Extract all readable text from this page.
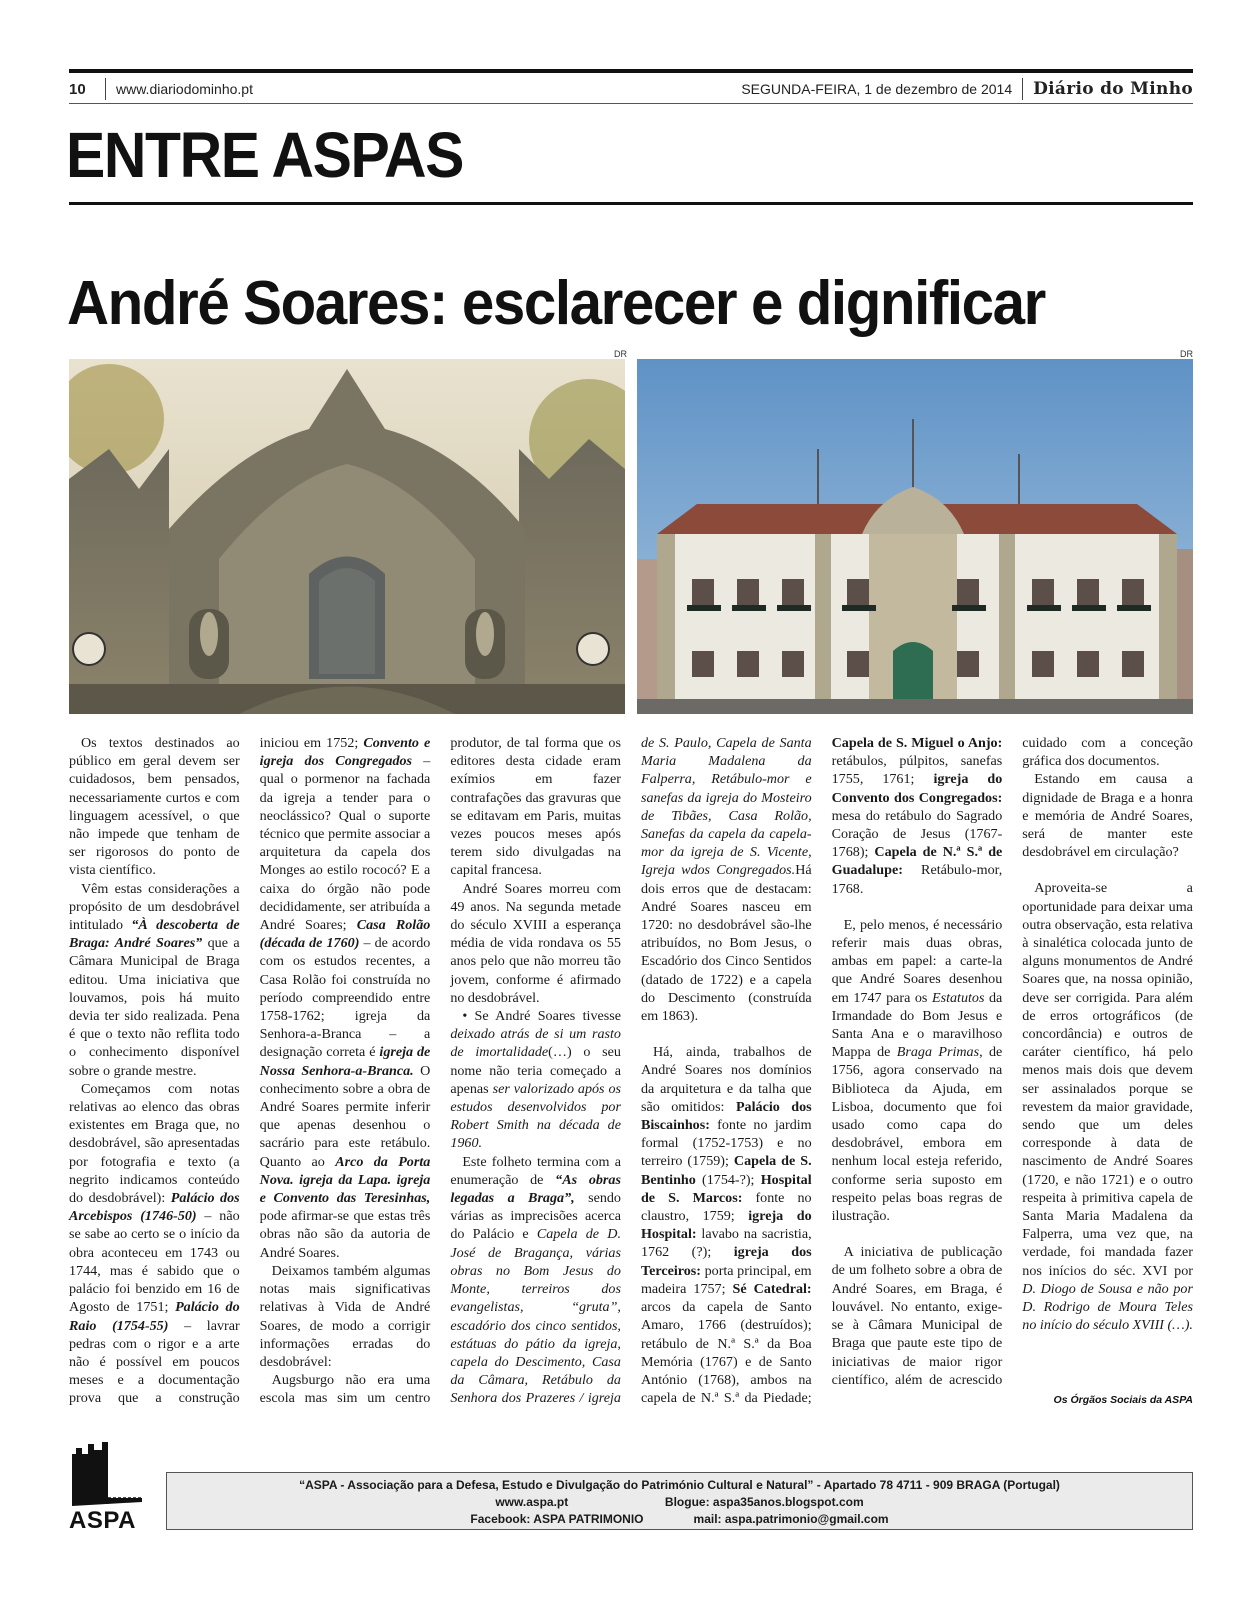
10	www.diariodominho.pt	SEGUNDA-FEIRA, 1 de dezembro de 2014 Diário do Minho
ENTRE ASPAS
André Soares: esclarecer e dignificar
DR	DR

Os textos destinados ao público em geral devem ser cuidadosos, bem pensados, necessariamente curtos e com linguagem acessível, o que não impede que tenham de ser rigorosos do ponto de vista científico.

Vêm estas considerações a propósito de um desdobrável intitulado “À descoberta de Braga: André Soares” que a Câmara Municipal de Braga editou. Uma iniciativa que louvamos, pois há muito devia ter sido realizada. Pena é que o texto não reflita todo o conhecimento disponível sobre o grande mestre.

Começamos com notas relativas ao elenco das obras existentes em Braga que, no desdobrável, são apresentadas por fotografia e texto (a negrito indicamos conteúdo do desdobrável): Palácio dos Arcebispos (1746-50) – não se sabe ao certo se o início da obra aconteceu em 1743 ou 1744, mas é sabido que o palácio foi benzido em 16 de Agosto de 1751; Palácio do Raio (1754-55) – lavrar pedras com o rigor e a arte não é possível em poucos meses e a documentação prova que a construção iniciou em 1752; Convento e igreja dos Congregados – qual o pormenor na fachada da igreja a tender para o neoclássico? Qual o suporte técnico que permite associar a arquitetura da capela dos Monges ao estilo rococó? E a caixa do órgão não pode decididamente, ser atribuída a André Soares; Casa Rolão (década de 1760) – de acordo com os estudos recentes, a Casa Rolão foi construída no período compreendido entre 1758-1762; igreja da Senhora-a-Branca – a designação correta é igreja de Nossa Senhora-a-Branca. O conhecimento sobre a obra de André Soares permite inferir que apenas desenhou o sacrário para este retábulo. Quanto ao Arco da Porta Nova. igreja da Lapa. igreja e Convento das Teresinhas, pode afirmar-se que estas três obras não são da autoria de André Soares.

Deixamos também algumas notas mais significativas relativas à Vida de André Soares, de modo a corrigir informações erradas do desdobrável:

Augsburgo não era uma escola mas sim um centro produtor, de tal forma que os editores desta cidade eram exímios em fazer contrafações das gravuras que se editavam em Paris, muitas vezes poucos meses após terem sido divulgadas na capital francesa.

André Soares morreu com 49 anos. Na segunda metade do século XVIII a esperança média de vida rondava os 55 anos pelo que não morreu tão jovem, conforme é afirmado no desdobrável.

• Se André Soares tivesse deixado atrás de si um rasto de imortalidade(…) o seu nome não teria começado a apenas ser valorizado após os estudos desenvolvidos por Robert Smith na década de 1960.

Este folheto termina com a enumeração de “As obras legadas a Braga”, sendo várias as imprecisões acerca do Palácio e Capela de D. José de Bragança, várias obras no Bom Jesus do Monte, terreiros dos evangelistas, “gruta”, escadório dos cinco sentidos, estátuas do pátio da igreja, capela do Descimento, Casa da Câmara, Retábulo da Senhora dos Prazeres / igreja de S. Paulo, Capela de Santa Maria Madalena da Falperra, Retábulo-mor e sanefas da igreja do Mosteiro de Tibães, Casa Rolão, Sanefas da capela da capela-mor da igreja de S. Vicente, Igreja wdos Congregados.Há dois erros que de destacam: André Soares nasceu em 1720: no desdobrável são-lhe atribuídos, no Bom Jesus, o Escadório dos Cinco Sentidos (datado de 1722) e a capela do Descimento (construída em 1863).

Há, ainda, trabalhos de André Soares nos domínios da arquitetura e da talha que são omitidos: Palácio dos Biscainhos: fonte no jardim formal (1752-1753) e no terreiro (1759); Capela de S. Bentinho (1754-?); Hospital de S. Marcos: fonte no claustro, 1759; igreja do Hospital: lavabo na sacristia, 1762 (?); igreja dos Terceiros: porta principal, em madeira 1757; Sé Catedral: arcos da capela de Santo Amaro, 1766 (destruídos); retábulo de N.ª S.ª da Boa Memória (1767) e de Santo António (1768), ambos na capela de N.ª S.ª da Piedade; Capela de S. Miguel o Anjo: retábulos, púlpitos, sanefas 1755, 1761; igreja do Convento dos Congregados: mesa do retábulo do Sagrado Coração de Jesus (1767-1768); Capela de N.ª S.ª de Guadalupe: Retábulo-mor, 1768.

E, pelo menos, é necessário referir mais duas obras, ambas em papel: a carte-la que André Soares desenhou em 1747 para os Estatutos da Irmandade do Bom Jesus e Santa Ana e o maravilhoso Mappa de Braga Primas, de 1756, agora conservado na Biblioteca da Ajuda, em Lisboa, documento que foi usado como capa do desdobrável, embora em nenhum local esteja referido, conforme seria suposto em respeito pelas boas regras de ilustração.

A iniciativa de publicação de um folheto sobre a obra de André Soares, em Braga, é louvável. No entanto, exige-se à Câmara Municipal de Braga que paute este tipo de iniciativas de maior rigor científico, além de acrescido cuidado com a conceção gráfica dos documentos.

Estando em causa a dignidade de Braga e a honra e memória de André Soares, será de manter este desdobrável em circulação?

Aproveita-se a oportunidade para deixar uma outra observação, esta relativa à sinalética colocada junto de alguns monumentos de André Soares que, na nossa opinião, deve ser corrigida. Para além de erros ortográficos (de concordância) e outros de caráter científico, há pelo menos mais dois que devem ser assinalados porque se revestem da maior gravidade, sendo que um deles corresponde à data de nascimento de André Soares (1720, e não 1721) e o outro respeita à primitiva capela de Santa Maria Madalena da Falperra, uma vez que, na verdade, foi mandada fazer nos inícios do séc. XVI por D. Diogo de Sousa e não por D. Rodrigo de Moura Teles no início do século XVIII (…).

Os Órgãos Sociais da ASPA
ASPA
“ASPA - Associação para a Defesa, Estudo e Divulgação do Património Cultural e Natural” - Apartado 78 4711 - 909 BRAGA (Portugal)
www.aspa.pt                             Blogue: aspa35anos.blogspot.com
Facebook: ASPA PATRIMONIO               mail: aspa.patrimonio@gmail.com
